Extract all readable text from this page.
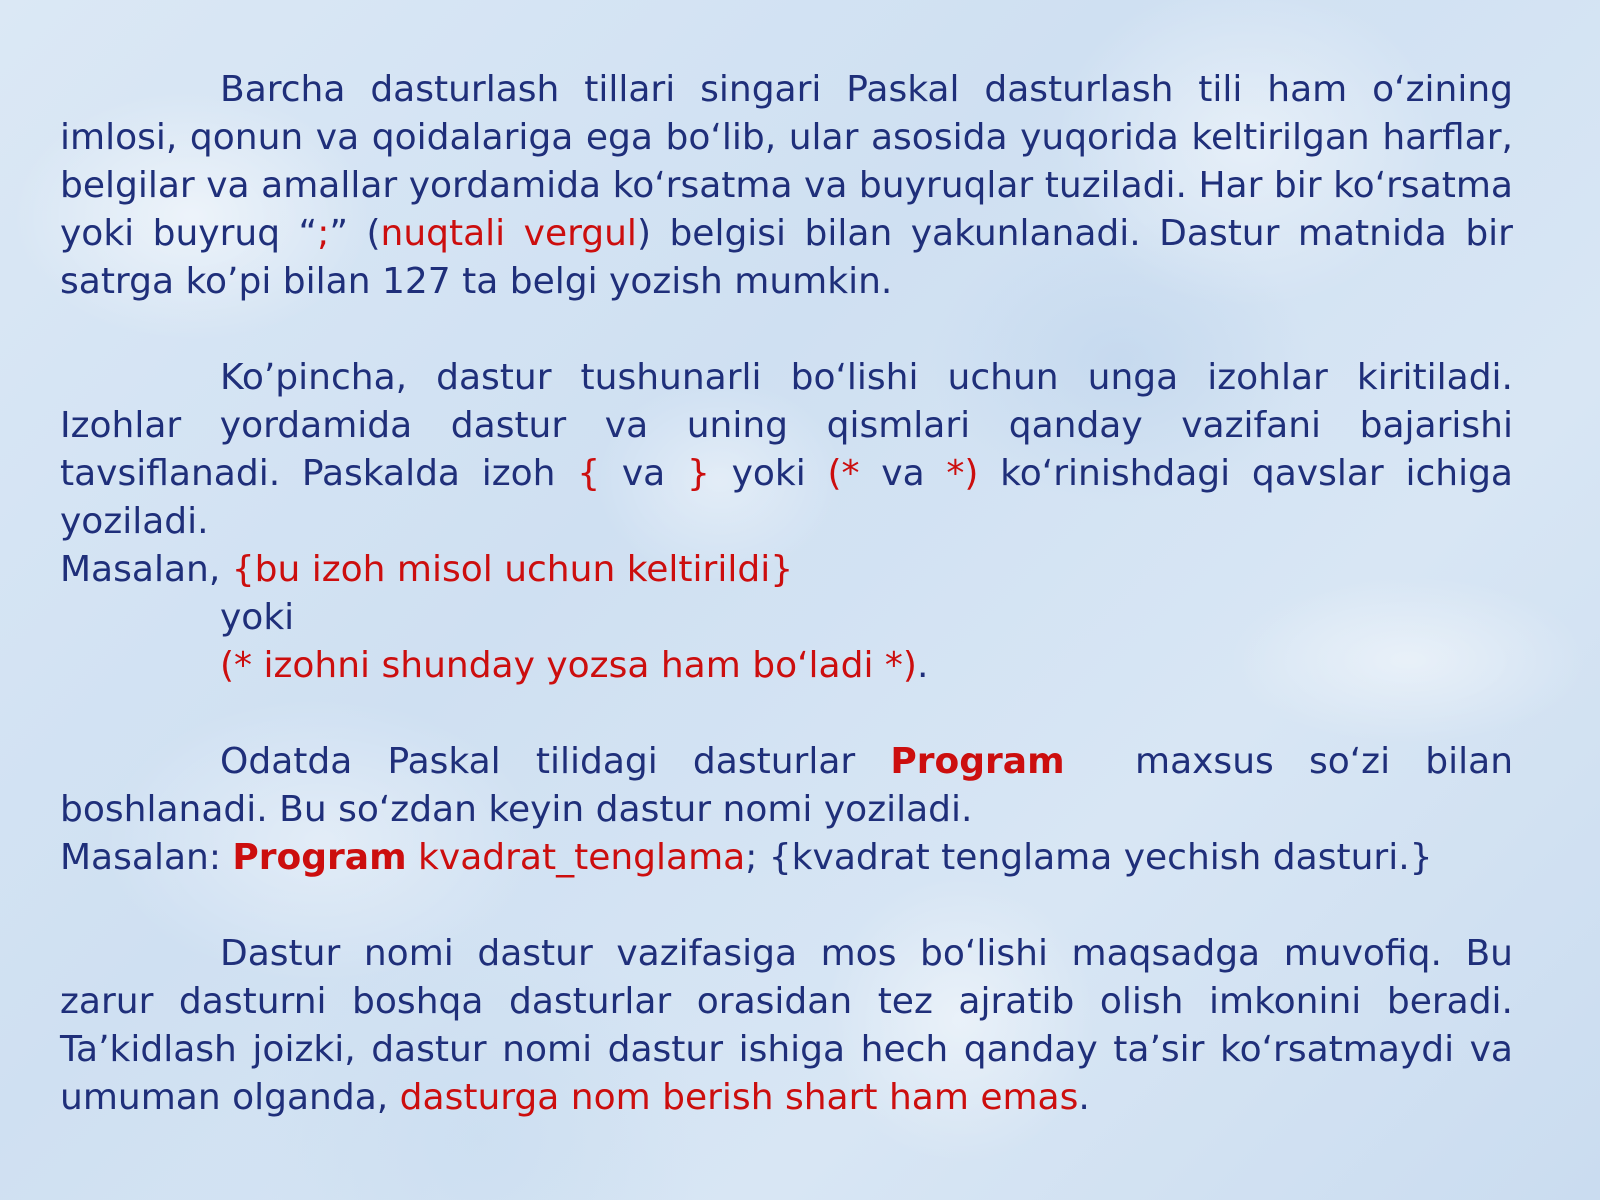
Barcha dasturlash tillari singari Paskal dasturlash tili ham o‘zining imlosi, qonun va qoidalariga ega bo‘lib, ular asosida yuqorida keltirilgan harflar, belgilar va amallar yordamida ko‘rsatma va buyruqlar tuziladi. Har bir ko‘rsatma yoki buyruq “;” (nuqtali vergul) belgisi bilan yakunlanadi. Dastur matnida bir satrga ko’pi bilan 127 ta belgi yozish mumkin.

Ko’pincha, dastur tushunarli bo‘lishi uchun unga izohlar kiritiladi. Izohlar yordamida dastur va uning qismlari qanday vazifani bajarishi tavsiflanadi. Paskalda izoh { va } yoki (* va *) ko‘rinishdagi qavslar ichiga yoziladi.

Masalan, {bu izoh misol uchun keltirildi}

yoki

(* izohni shunday yozsa ham bo‘ladi *).

Odatda Paskal tilidagi dasturlar Program  maxsus so‘zi bilan boshlanadi. Bu so‘zdan keyin dastur nomi yoziladi.

Masalan: Program kvadrat_tenglama; {kvadrat tenglama yechish dasturi.}

Dastur nomi dastur vazifasiga mos bo‘lishi maqsadga muvofiq. Bu zarur dasturni boshqa dasturlar orasidan tez ajratib olish imkonini beradi. Ta’kidlash joizki, dastur nomi dastur ishiga hech qanday ta’sir ko‘rsatmaydi va umuman olganda, dasturga nom berish shart ham emas.
